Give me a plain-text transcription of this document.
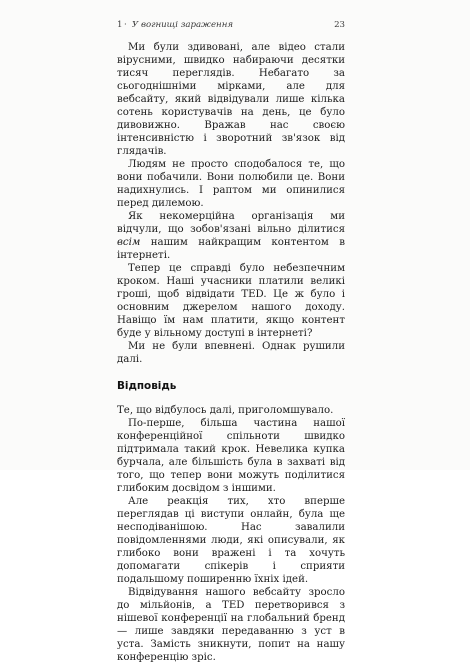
1 · У вогнищі зараження	23

Ми були здивовані, але відео стали вірусними, швидко набираючи десятки тисяч переглядів. Небагато за сьогоднішніми мірками, але для вебсайту, який відвідували лише кілька сотень користувачів на день, це було дивовижно. Вражав нас своєю інтенсивністю і зворотний зв'язок від глядачів.

Людям не просто сподобалося те, що вони побачили. Вони полюбили це. Вони надихнулись. І раптом ми опинилися перед дилемою.

Як некомерційна організація ми відчули, що зобов'язані вільно ділитися всім нашим найкращим контентом в інтернеті.

Тепер це справді було небезпечним кроком. Наші учасники платили великі гроші, щоб відвідати TED. Це ж було і основним джерелом нашого доходу. Навіщо їм нам платити, якщо контент буде у вільному доступі в інтернеті?

Ми не були впевнені. Однак рушили далі.

Відповідь

Те, що відбулось далі, приголомшувало.

По-перше, більша частина нашої конференційної спільноти швидко підтримала такий крок. Невелика купка бурчала, але більшість була в захваті від того, що тепер вони можуть поділитися глибоким досвідом з іншими.

Але реакція тих, хто вперше переглядав ці виступи онлайн, була ще несподіванішою. Нас завалили повідомленнями люди, які описували, як глибоко вони вражені і та хочуть допомагати спікерів і сприяти подальшому поширенню їхніх ідей.

Відвідування нашого вебсайту зросло до мільйонів, а TED перетворився з нішевої конференції на глобальний бренд — лише завдяки передаванню з уст в уста. Замість зникнути, попит на нашу конференцію зріс.
